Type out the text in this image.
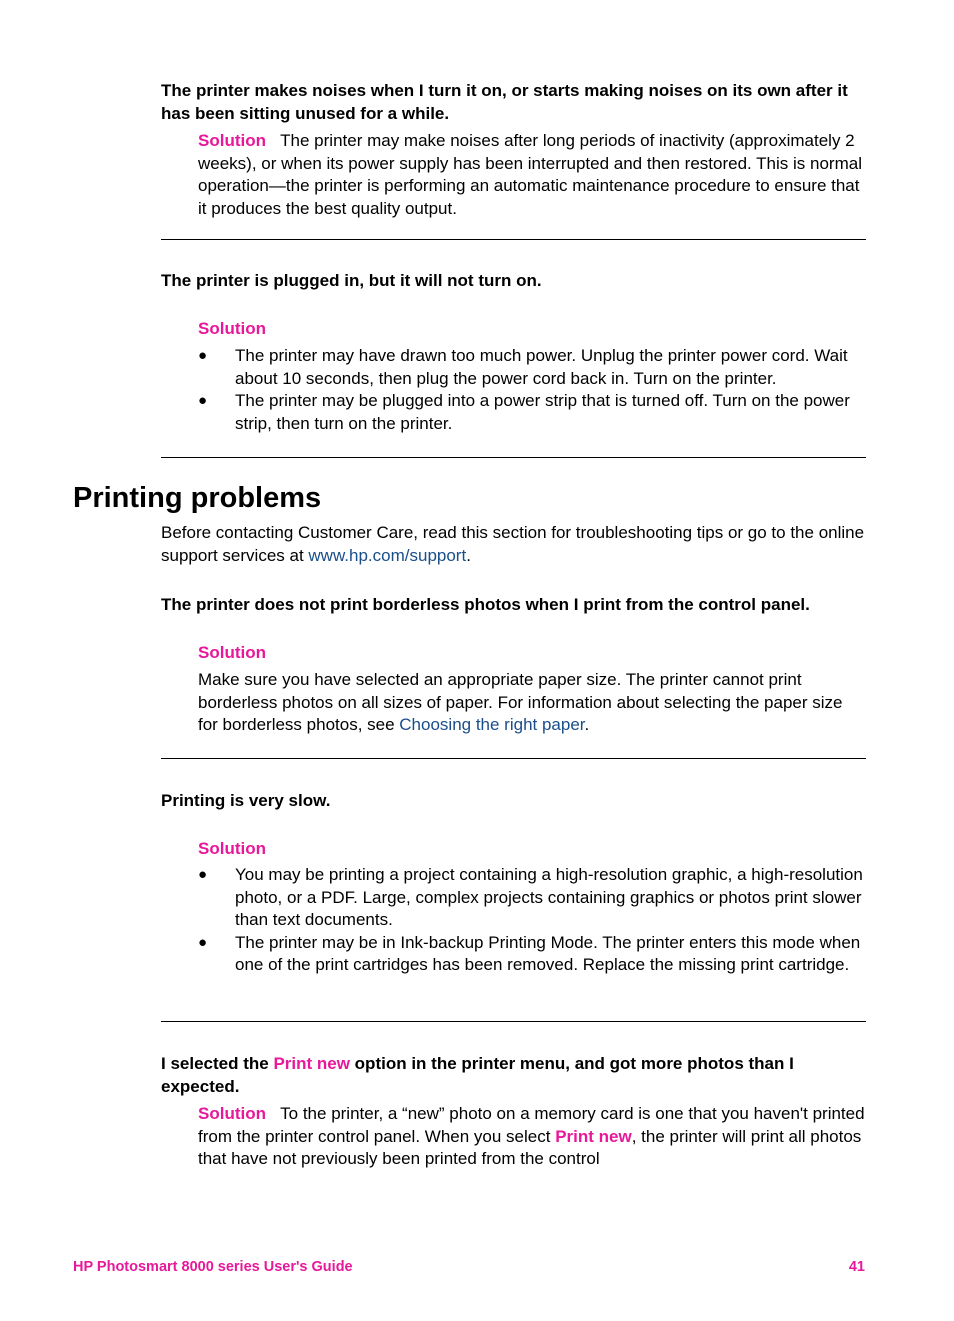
The printer makes noises when I turn it on, or starts making noises on its own after it has been sitting unused for a while.
Solution The printer may make noises after long periods of inactivity (approximately 2 weeks), or when its power supply has been interrupted and then restored. This is normal operation—the printer is performing an automatic maintenance procedure to ensure that it produces the best quality output.
The printer is plugged in, but it will not turn on.
Solution
● The printer may have drawn too much power. Unplug the printer power cord. Wait about 10 seconds, then plug the power cord back in. Turn on the printer.
● The printer may be plugged into a power strip that is turned off. Turn on the power strip, then turn on the printer.
Printing problems
Before contacting Customer Care, read this section for troubleshooting tips or go to the online support services at www.hp.com/support.
The printer does not print borderless photos when I print from the control panel.
Solution
Make sure you have selected an appropriate paper size. The printer cannot print borderless photos on all sizes of paper. For information about selecting the paper size for borderless photos, see Choosing the right paper.
Printing is very slow.
Solution
● You may be printing a project containing a high-resolution graphic, a high-resolution photo, or a PDF. Large, complex projects containing graphics or photos print slower than text documents.
● The printer may be in Ink-backup Printing Mode. The printer enters this mode when one of the print cartridges has been removed. Replace the missing print cartridge.
I selected the Print new option in the printer menu, and got more photos than I expected.
Solution To the printer, a “new” photo on a memory card is one that you haven't printed from the printer control panel. When you select Print new, the printer will print all photos that have not previously been printed from the control
HP Photosmart 8000 series User's Guide	41
